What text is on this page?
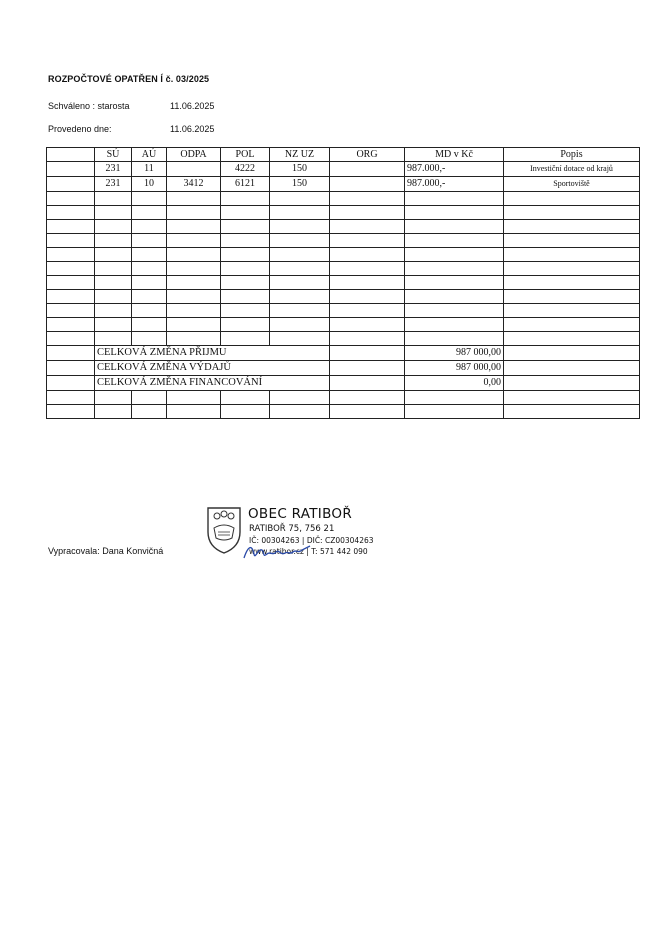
ROZPOČTOVÉ OPATŘEN Í č. 03/2025
Schváleno : starosta	11.06.2025
Provedeno dne:	11.06.2025
	SÚ	AÚ	ODPA	POL	NZ UZ	ORG	MD v Kč	Popis
	231	11		4222	150		987.000,-	Investiční dotace od krajů
	231	10	3412	6121	150		987.000,-	Sportoviště

	CELKOVÁ ZMĚNA PŘIJMU						987 000,00	
	CELKOVÁ ZMĚNA VÝDAJŮ						987 000,00	
	CELKOVÁ ZMĚNA FINANCOVÁNÍ						0,00	

Vypracovala: Dana Konvičná
OBEC RATIBOŘ
RATIBOŘ 75, 756 21
IČ: 00304263 | DIČ: CZ00304263
www.ratibor.cz | T: 571 442 090
